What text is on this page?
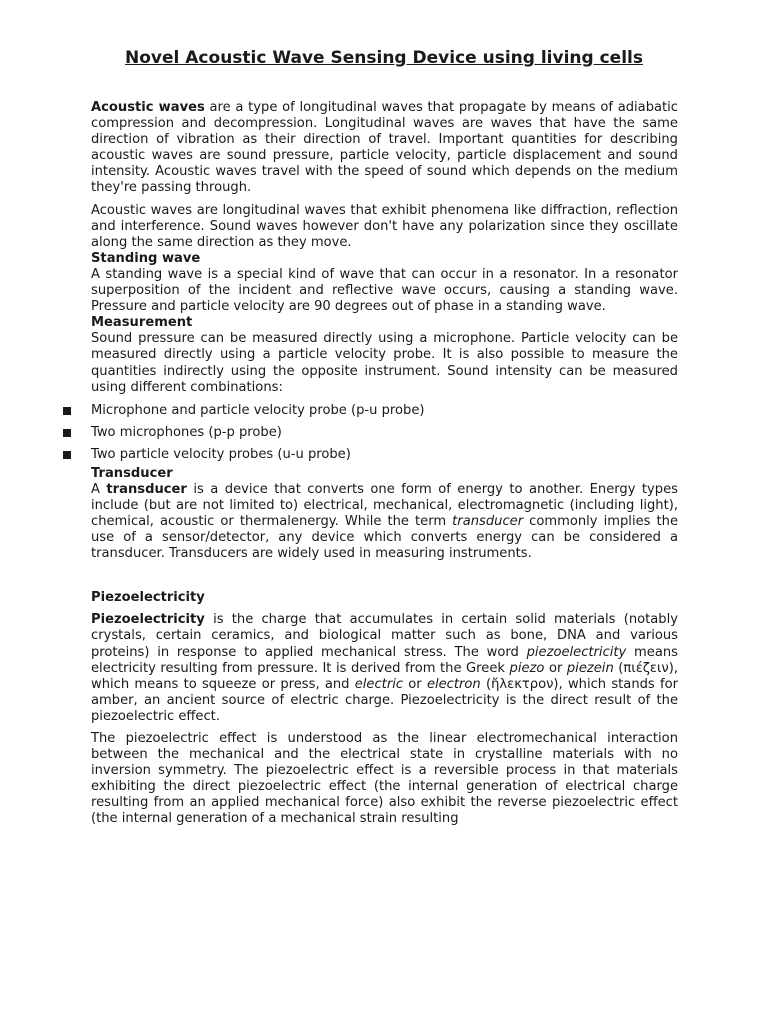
Novel Acoustic Wave Sensing Device using living cells

Acoustic waves are a type of longitudinal waves that propagate by means of adiabatic compression and decompression. Longitudinal waves are waves that have the same direction of vibration as their direction of travel. Important quantities for describing acoustic waves are sound pressure, particle velocity, particle displacement and sound intensity. Acoustic waves travel with the speed of sound which depends on the medium they're passing through.

Acoustic waves are longitudinal waves that exhibit phenomena like diffraction, reflection and interference. Sound waves however don't have any polarization since they oscillate along the same direction as they move.

Standing wave

A standing wave is a special kind of wave that can occur in a resonator. In a resonator superposition of the incident and reflective wave occurs, causing a standing wave. Pressure and particle velocity are 90 degrees out of phase in a standing wave.

Measurement

Sound pressure can be measured directly using a microphone. Particle velocity can be measured directly using a particle velocity probe. It is also possible to measure the quantities indirectly using the opposite instrument. Sound intensity can be measured using different combinations:

Microphone and particle velocity probe (p-u probe)
Two microphones (p-p probe)
Two particle velocity probes (u-u probe)

Transducer

A transducer is a device that converts one form of energy to another. Energy types include (but are not limited to) electrical, mechanical, electromagnetic (including light), chemical, acoustic or thermalenergy. While the term transducer commonly implies the use of a sensor/detector, any device which converts energy can be considered a transducer. Transducers are widely used in measuring instruments.

Piezoelectricity

Piezoelectricity is the charge that accumulates in certain solid materials (notably crystals, certain ceramics, and biological matter such as bone, DNA and various proteins) in response to applied mechanical stress. The word piezoelectricity means electricity resulting from pressure. It is derived from the Greek piezo or piezein (πιέζειν), which means to squeeze or press, and electric or electron (ἤλεκτρον), which stands for amber, an ancient source of electric charge. Piezoelectricity is the direct result of the piezoelectric effect.

The piezoelectric effect is understood as the linear electromechanical interaction between the mechanical and the electrical state in crystalline materials with no inversion symmetry. The piezoelectric effect is a reversible process in that materials exhibiting the direct piezoelectric effect (the internal generation of electrical charge resulting from an applied mechanical force) also exhibit the reverse piezoelectric effect (the internal generation of a mechanical strain resulting
